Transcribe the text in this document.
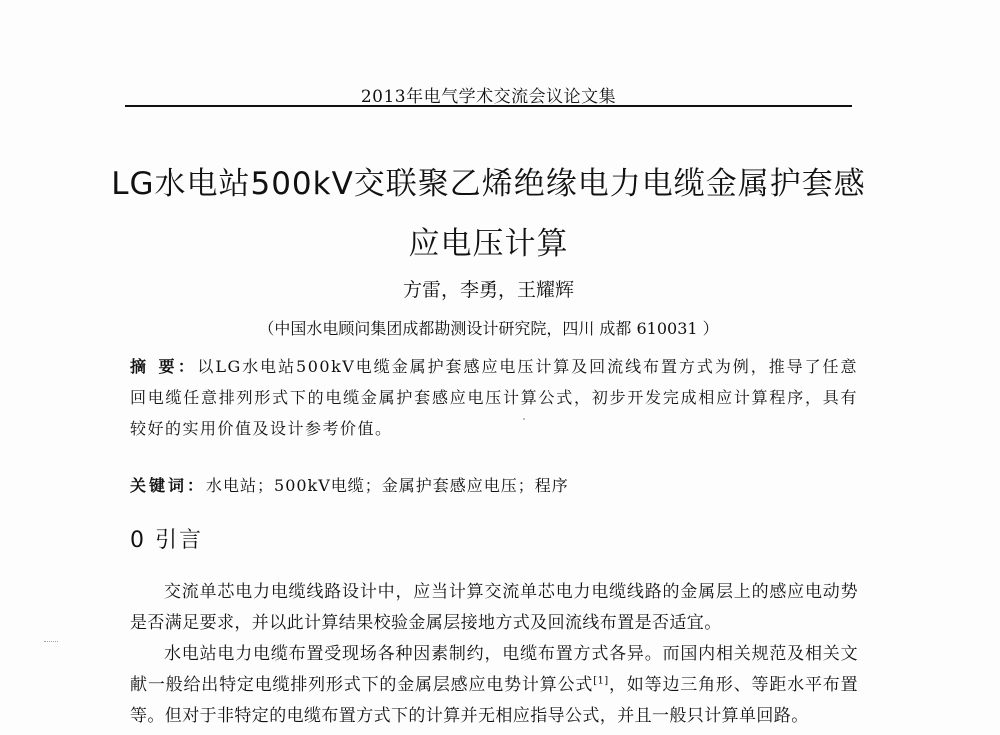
2013年电气学术交流会议论文集
LG水电站500kV交联聚乙烯绝缘电力电缆金属护套感
应电压计算
方雷，李勇，王耀辉
（中国水电顾问集团成都勘测设计研究院，四川 成都 610031 ）
摘 要：以LG水电站500kV电缆金属护套感应电压计算及回流线布置方式为例，推导了任意回电缆任意排列形式下的电缆金属护套感应电压计算公式，初步开发完成相应计算程序，具有较好的实用价值及设计参考价值。
关键词：水电站；500kV电缆；金属护套感应电压；程序
0 引言

交流单芯电力电缆线路设计中，应当计算交流单芯电力电缆线路的金属层上的感应电动势是否满足要求，并以此计算结果校验金属层接地方式及回流线布置是否适宜。

水电站电力电缆布置受现场各种因素制约，电缆布置方式各异。而国内相关规范及相关文献一般给出特定电缆排列形式下的金属层感应电势计算公式[1]，如等边三角形、等距水平布置等。但对于非特定的电缆布置方式下的计算并无相应指导公式，并且一般只计算单回路。
